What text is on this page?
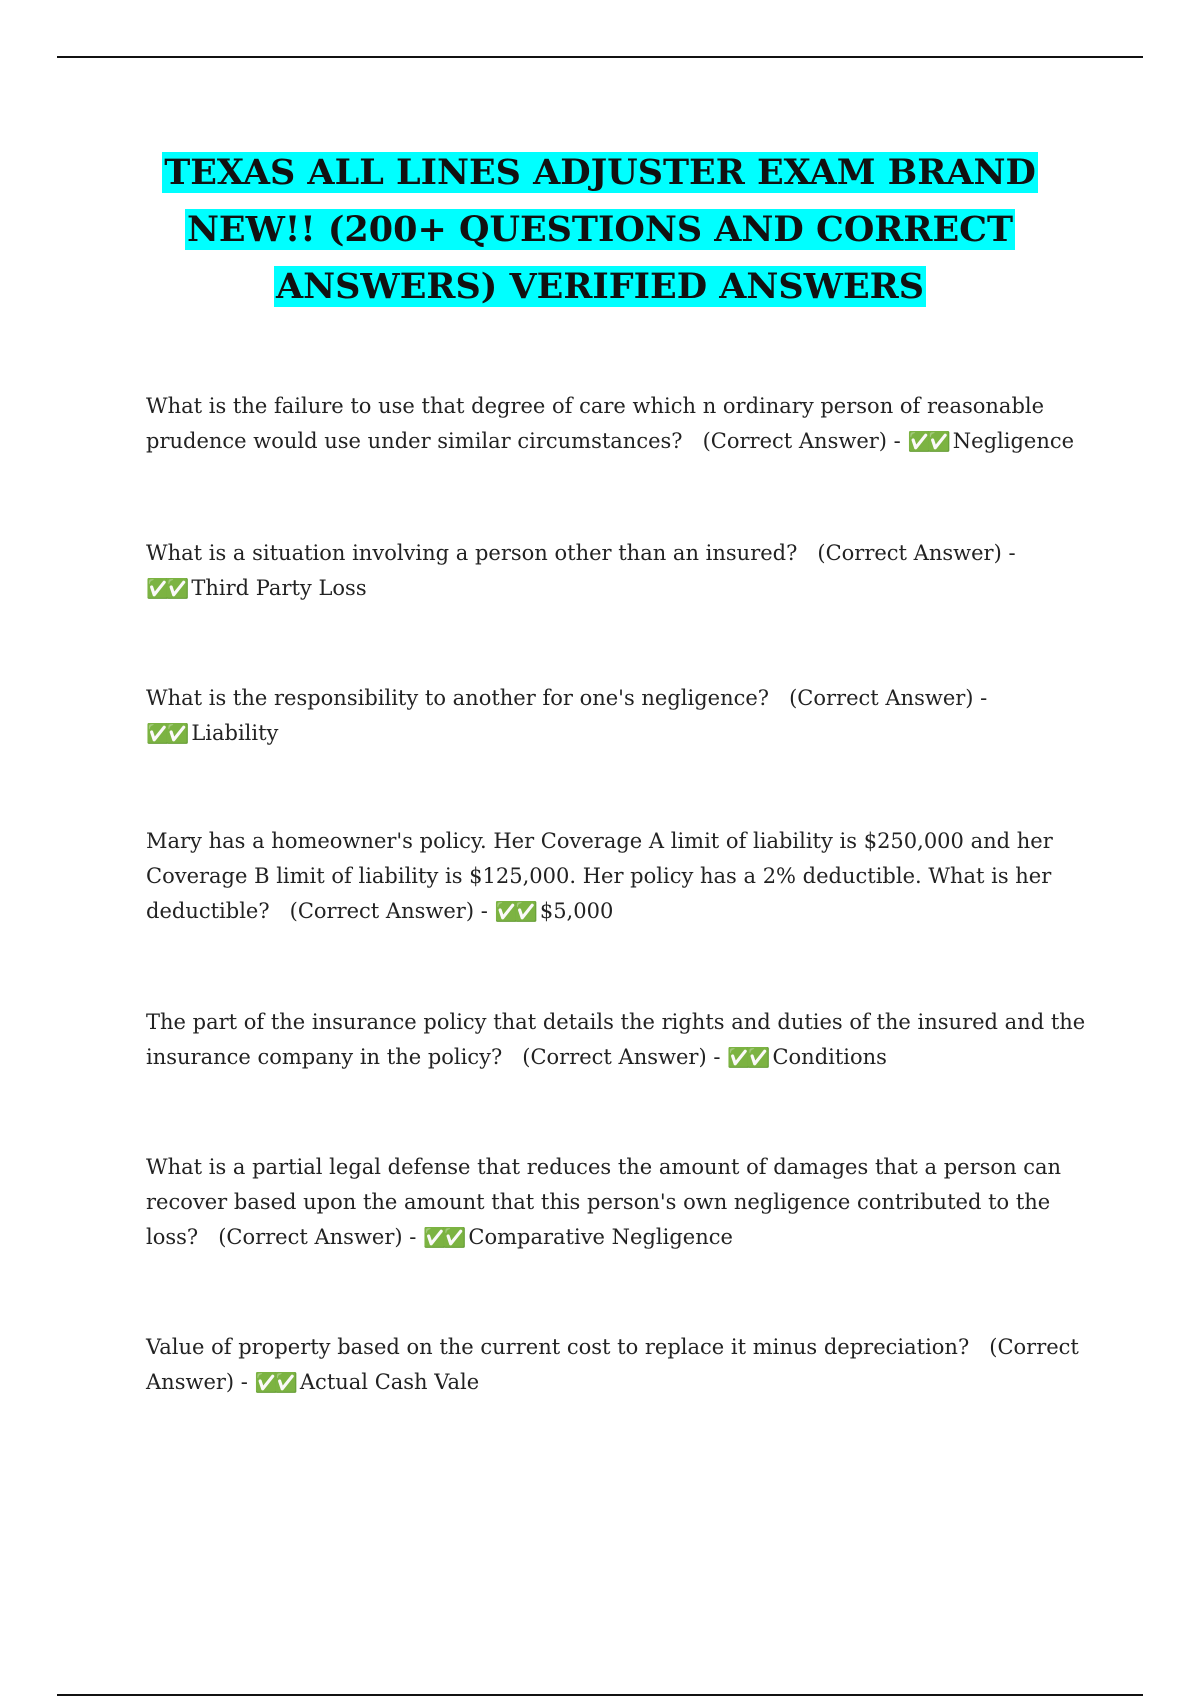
TEXAS ALL LINES ADJUSTER EXAM BRAND
NEW!! (200+ QUESTIONS AND CORRECT
ANSWERS) VERIFIED ANSWERS
What is the failure to use that degree of care which n ordinary person of reasonable prudence would use under similar circumstances? (Correct Answer) - ✅✅ Negligence
What is a situation involving a person other than an insured? (Correct Answer) - ✅✅ Third Party Loss
What is the responsibility to another for one's negligence? (Correct Answer) - ✅✅ Liability
Mary has a homeowner's policy. Her Coverage A limit of liability is $250,000 and her Coverage B limit of liability is $125,000. Her policy has a 2% deductible. What is her deductible? (Correct Answer) - ✅✅ $5,000
The part of the insurance policy that details the rights and duties of the insured and the insurance company in the policy? (Correct Answer) - ✅✅ Conditions
What is a partial legal defense that reduces the amount of damages that a person can recover based upon the amount that this person's own negligence contributed to the loss? (Correct Answer) - ✅✅ Comparative Negligence
Value of property based on the current cost to replace it minus depreciation? (Correct Answer) - ✅✅ Actual Cash Vale
